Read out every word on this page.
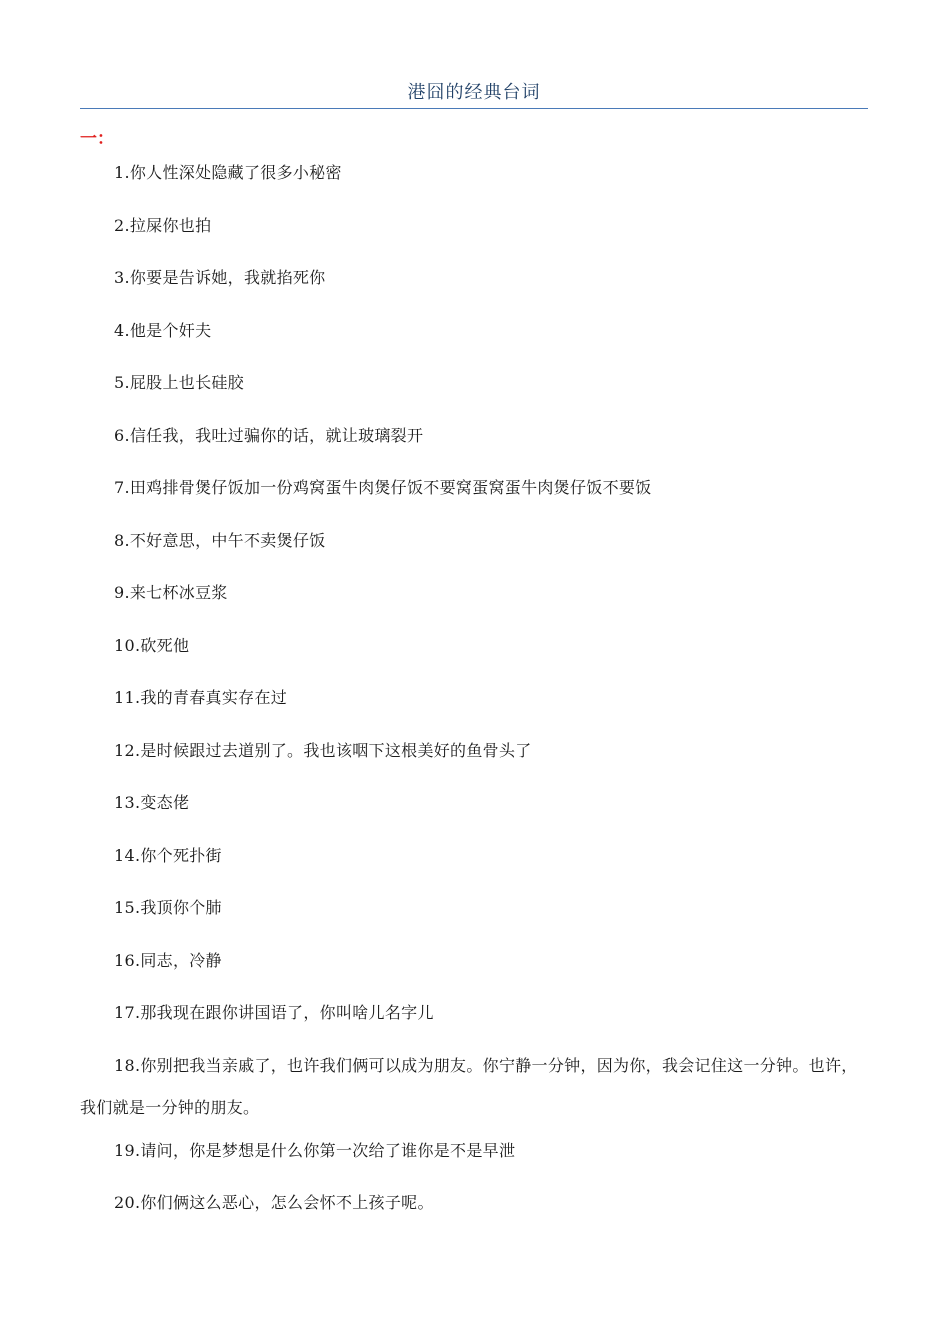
港囧的经典台词
一：
1.你人性深处隐藏了很多小秘密
2.拉屎你也拍
3.你要是告诉她，我就掐死你
4.他是个奸夫
5.屁股上也长硅胶
6.信任我，我吐过骗你的话，就让玻璃裂开
7.田鸡排骨煲仔饭加一份鸡窝蛋牛肉煲仔饭不要窝蛋窝蛋牛肉煲仔饭不要饭
8.不好意思，中午不卖煲仔饭
9.来七杯冰豆浆
10.砍死他
11.我的青春真实存在过
12.是时候跟过去道别了。我也该咽下这根美好的鱼骨头了
13.变态佬
14.你个死扑街
15.我顶你个肺
16.同志，冷静
17.那我现在跟你讲国语了，你叫啥儿名字儿
18.你别把我当亲戚了，也许我们俩可以成为朋友。你宁静一分钟，因为你，我会记住这一分钟。也许，我们就是一分钟的朋友。
19.请问，你是梦想是什么你第一次给了谁你是不是早泄
20.你们俩这么恶心，怎么会怀不上孩子呢。
